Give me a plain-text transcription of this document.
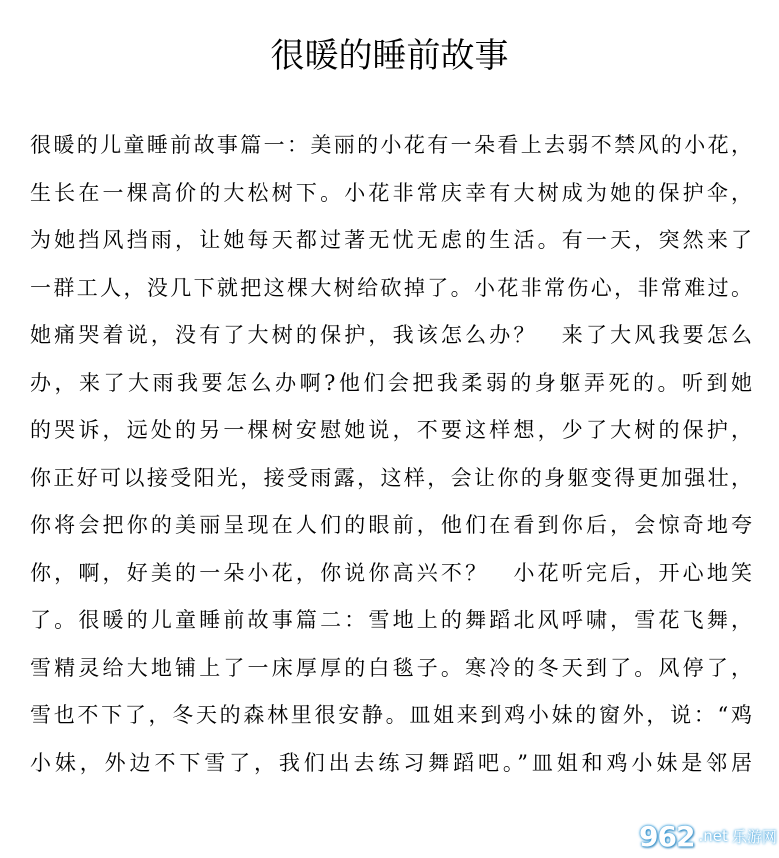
很暖的睡前故事
很暖的儿童睡前故事篇一：美丽的小花有一朵看上去弱不禁风的小花，
生长在一棵高价的大松树下。小花非常庆幸有大树成为她的保护伞，
为她挡风挡雨，让她每天都过著无忧无虑的生活。有一天，突然来了
一群工人，没几下就把这棵大树给砍掉了。小花非常伤心，非常难过。
她痛哭着说，没有了大树的保护，我该怎么办？　来了大风我要怎么
办，来了大雨我要怎么办啊?他们会把我柔弱的身躯弄死的。听到她
的哭诉，远处的另一棵树安慰她说，不要这样想，少了大树的保护，
你正好可以接受阳光，接受雨露，这样，会让你的身躯变得更加强壮，
你将会把你的美丽呈现在人们的眼前，他们在看到你后，会惊奇地夸
你，啊，好美的一朵小花，你说你高兴不？　小花听完后，开心地笑
了。很暖的儿童睡前故事篇二：雪地上的舞蹈北风呼啸，雪花飞舞，
雪精灵给大地铺上了一床厚厚的白毯子。寒冷的冬天到了。风停了，
雪也不下了，冬天的森林里很安静。皿姐来到鸡小妹的窗外，说：“鸡
小妹，外边不下雪了，我们出去练习舞蹈吧。”皿姐和鸡小妹是邻居
962 .net 乐游网
